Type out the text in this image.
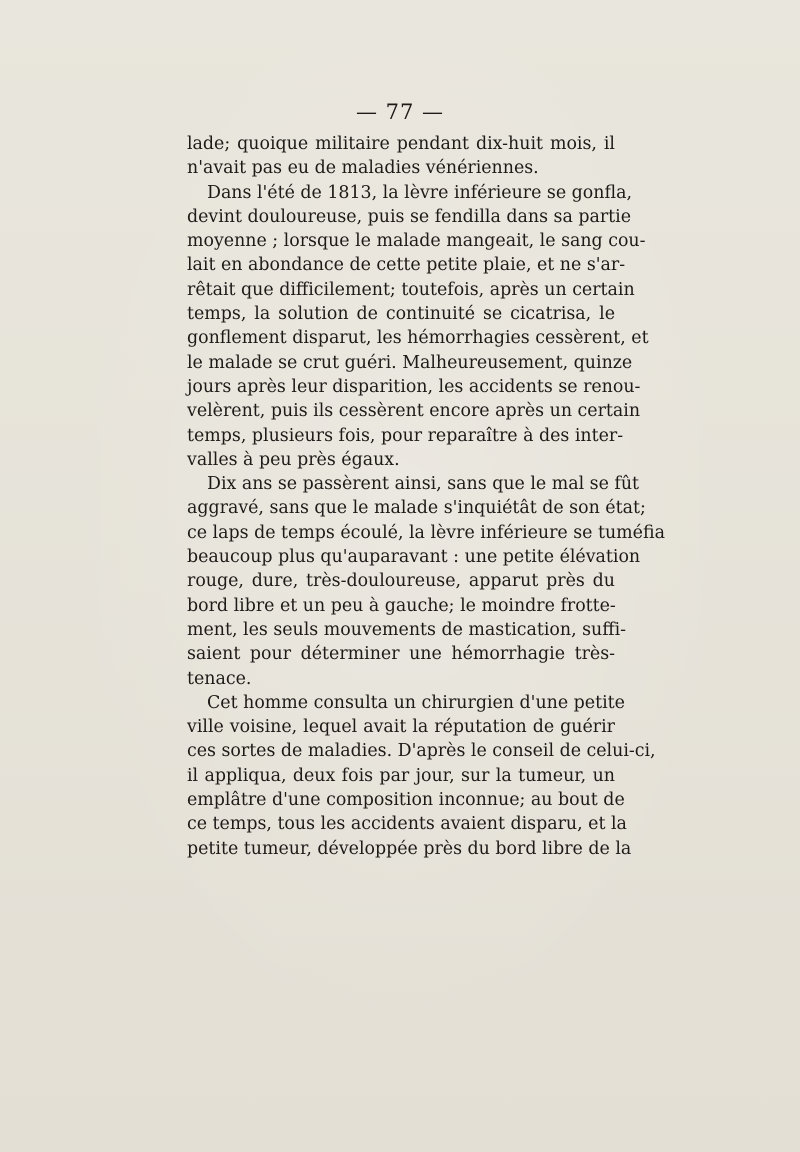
— 77 —

lade; quoique militaire pendant dix-huit mois, il
n'avait pas eu de maladies vénériennes.

Dans l'été de 1813, la lèvre inférieure se gonfla,
devint douloureuse, puis se fendilla dans sa partie
moyenne ; lorsque le malade mangeait, le sang cou-
lait en abondance de cette petite plaie, et ne s'ar-
rêtait que difficilement; toutefois, après un certain
temps, la solution de continuité se cicatrisa, le
gonflement disparut, les hémorrhagies cessèrent, et
le malade se crut guéri. Malheureusement, quinze
jours après leur disparition, les accidents se renou-
velèrent, puis ils cessèrent encore après un certain
temps, plusieurs fois, pour reparaître à des inter-
valles à peu près égaux.

Dix ans se passèrent ainsi, sans que le mal se fût
aggravé, sans que le malade s'inquiétât de son état;
ce laps de temps écoulé, la lèvre inférieure se tuméfia
beaucoup plus qu'auparavant : une petite élévation
rouge, dure, très-douloureuse, apparut près du
bord libre et un peu à gauche; le moindre frotte-
ment, les seuls mouvements de mastication, suffi-
saient pour déterminer une hémorrhagie très-
tenace.

Cet homme consulta un chirurgien d'une petite
ville voisine, lequel avait la réputation de guérir
ces sortes de maladies. D'après le conseil de celui-ci,
il appliqua, deux fois par jour, sur la tumeur, un
emplâtre d'une composition inconnue; au bout de
ce temps, tous les accidents avaient disparu, et la
petite tumeur, développée près du bord libre de la
